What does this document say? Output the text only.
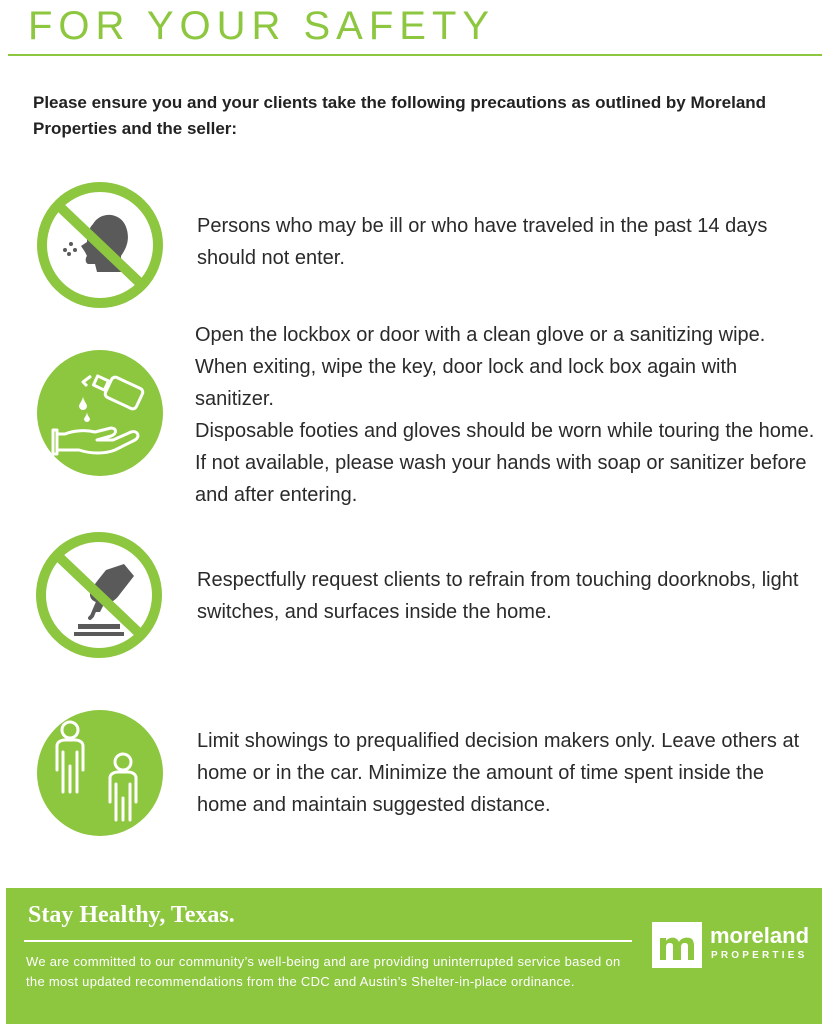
FOR YOUR SAFETY
Please ensure you and your clients take the following precautions as outlined by Moreland Properties and the seller:

Persons who may be ill or who have traveled in the past 14 days should not enter.

Open the lockbox or door with a clean glove or a sanitizing wipe. When exiting, wipe the key, door lock and lock box again with sanitizer.

Disposable footies and gloves should be worn while touring the home. If not available, please wash your hands with soap or sanitizer before and after entering.

Respectfully request clients to refrain from touching doorknobs, light switches, and surfaces inside the home.

Limit showings to prequalified decision makers only. Leave others at home or in the car. Minimize the amount of time spent inside the home and maintain suggested distance.

Stay Healthy, Texas.
We are committed to our community’s well-being and are providing uninterrupted service based on the most updated recommendations from the CDC and Austin’s Shelter-in-place ordinance.
moreland
PROPERTIES
